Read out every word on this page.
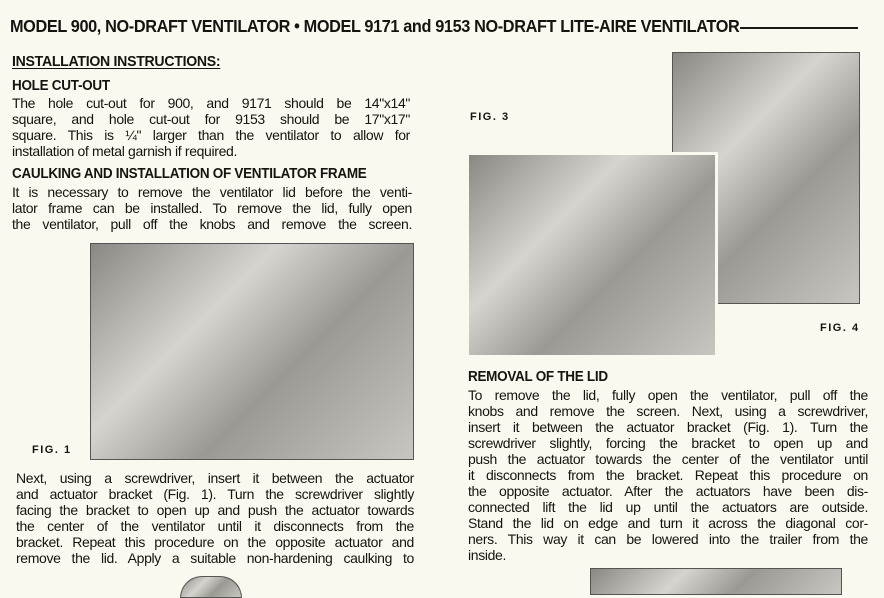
MODEL 900, NO-DRAFT VENTILATOR • MODEL 9171 and 9153 NO-DRAFT LITE-AIRE VENTILATOR
INSTALLATION INSTRUCTIONS:
HOLE CUT-OUT
The hole cut-out for 900, and 9171 should be 14"x14"
square, and hole cut-out for 9153 should be 17"x17"
square. This is ¼" larger than the ventilator to allow for
installation of metal garnish if required.
CAULKING AND INSTALLATION OF VENTILATOR FRAME
It is necessary to remove the ventilator lid before the venti-
lator frame can be installed. To remove the lid, fully open
the ventilator, pull off the knobs and remove the screen.
FIG. 1
Next, using a screwdriver, insert it between the actuator
and actuator bracket (Fig. 1). Turn the screwdriver slightly
facing the bracket to open up and push the actuator towards
the center of the ventilator until it disconnects from the
bracket. Repeat this procedure on the opposite actuator and
remove the lid. Apply a suitable non-hardening caulking to
FIG. 3
FIG. 4
REMOVAL OF THE LID
To remove the lid, fully open the ventilator, pull off the
knobs and remove the screen. Next, using a screwdriver,
insert it between the actuator bracket (Fig. 1). Turn the
screwdriver slightly, forcing the bracket to open up and
push the actuator towards the center of the ventilator until
it disconnects from the bracket. Repeat this procedure on
the opposite actuator. After the actuators have been dis-
connected lift the lid up until the actuators are outside.
Stand the lid on edge and turn it across the diagonal cor-
ners. This way it can be lowered into the trailer from the
inside.
